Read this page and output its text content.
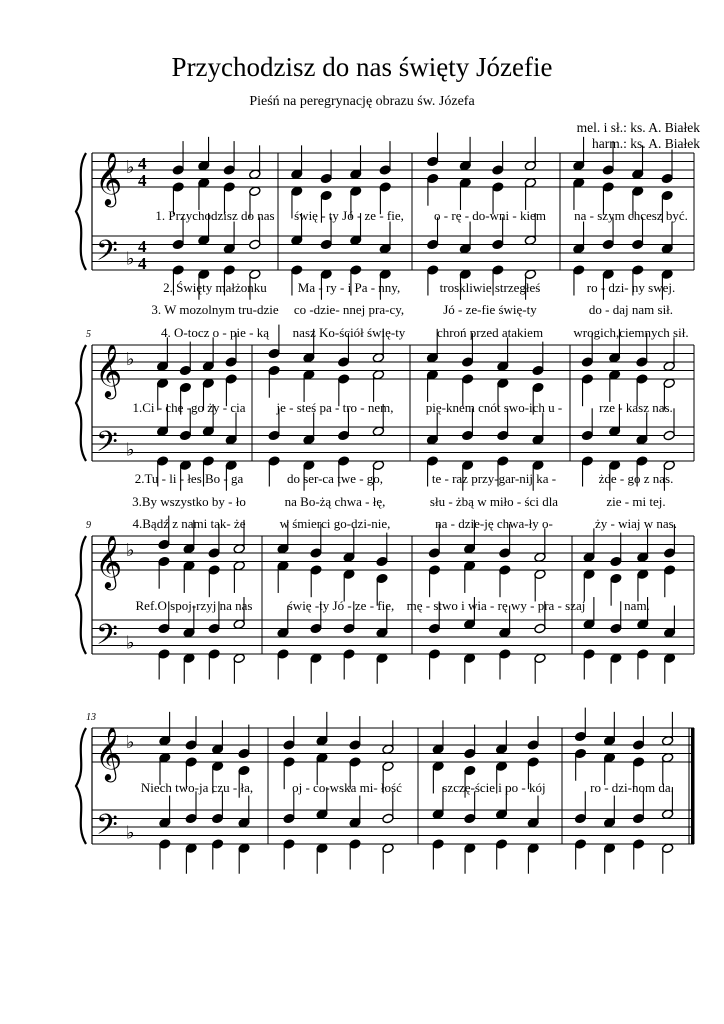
Przychodzisz do nas święty Józefie
Pieśń na peregrynację obrazu św. Józefa
mel. i sł.: ks. A. Białek
harm.: ks. A. Białek
𝄞
𝄢
♭
♭
4
4
4
4
1. Przychodzisz do nas świę - ty Jó - ze - fie, o - rę - do-wni - kiem na - szym chcesz być.
2. Święty małżonku Ma - ry - i Pa - nny,	troskliwie strzegłeś	ro - dzi- ny swej.
3. W mozolnym tru-dzie co -dzie- nnej pra-cy,	Jó - ze-fie świę-ty	do - daj nam sił.
4. O-tocz o - pie - ką nasz Ko-ściół świę-ty chroń przed atakiem wrogich,ciemnych sił.
𝄞
𝄢
♭
♭
5
1.Ci - che -go ży - cia je - steś pa - tro - nem, pię-knem cnót swo-ich u -	rze - kasz nas.
2.Tu - li - łes Bo - ga	do ser-ca twe - go,	te - raz przy-gar-nij ka -	żde - go z nas.
3.By wszystko by - ło	na Bo-żą chwa - łę,	słu - żbą w miło - ści dla	zie - mi tej.
4.Bądź z nami tak- że	w śmierci go-dzi-nie,	na - dzie-ję chwa-ły o-	ży - wiaj w nas.
𝄞
𝄢
♭
♭
9
Ref.O spoj-rzyj na nas	świę -ty Jó - ze - fie, mę - stwo i wia - rę wy - pra - szaj	nam.
𝄞
𝄢
♭
♭
13
Niech two-ja czu - ła,	oj - co-wska mi- łość	szczę-ście i po - kój	ro - dzi-nom da.
